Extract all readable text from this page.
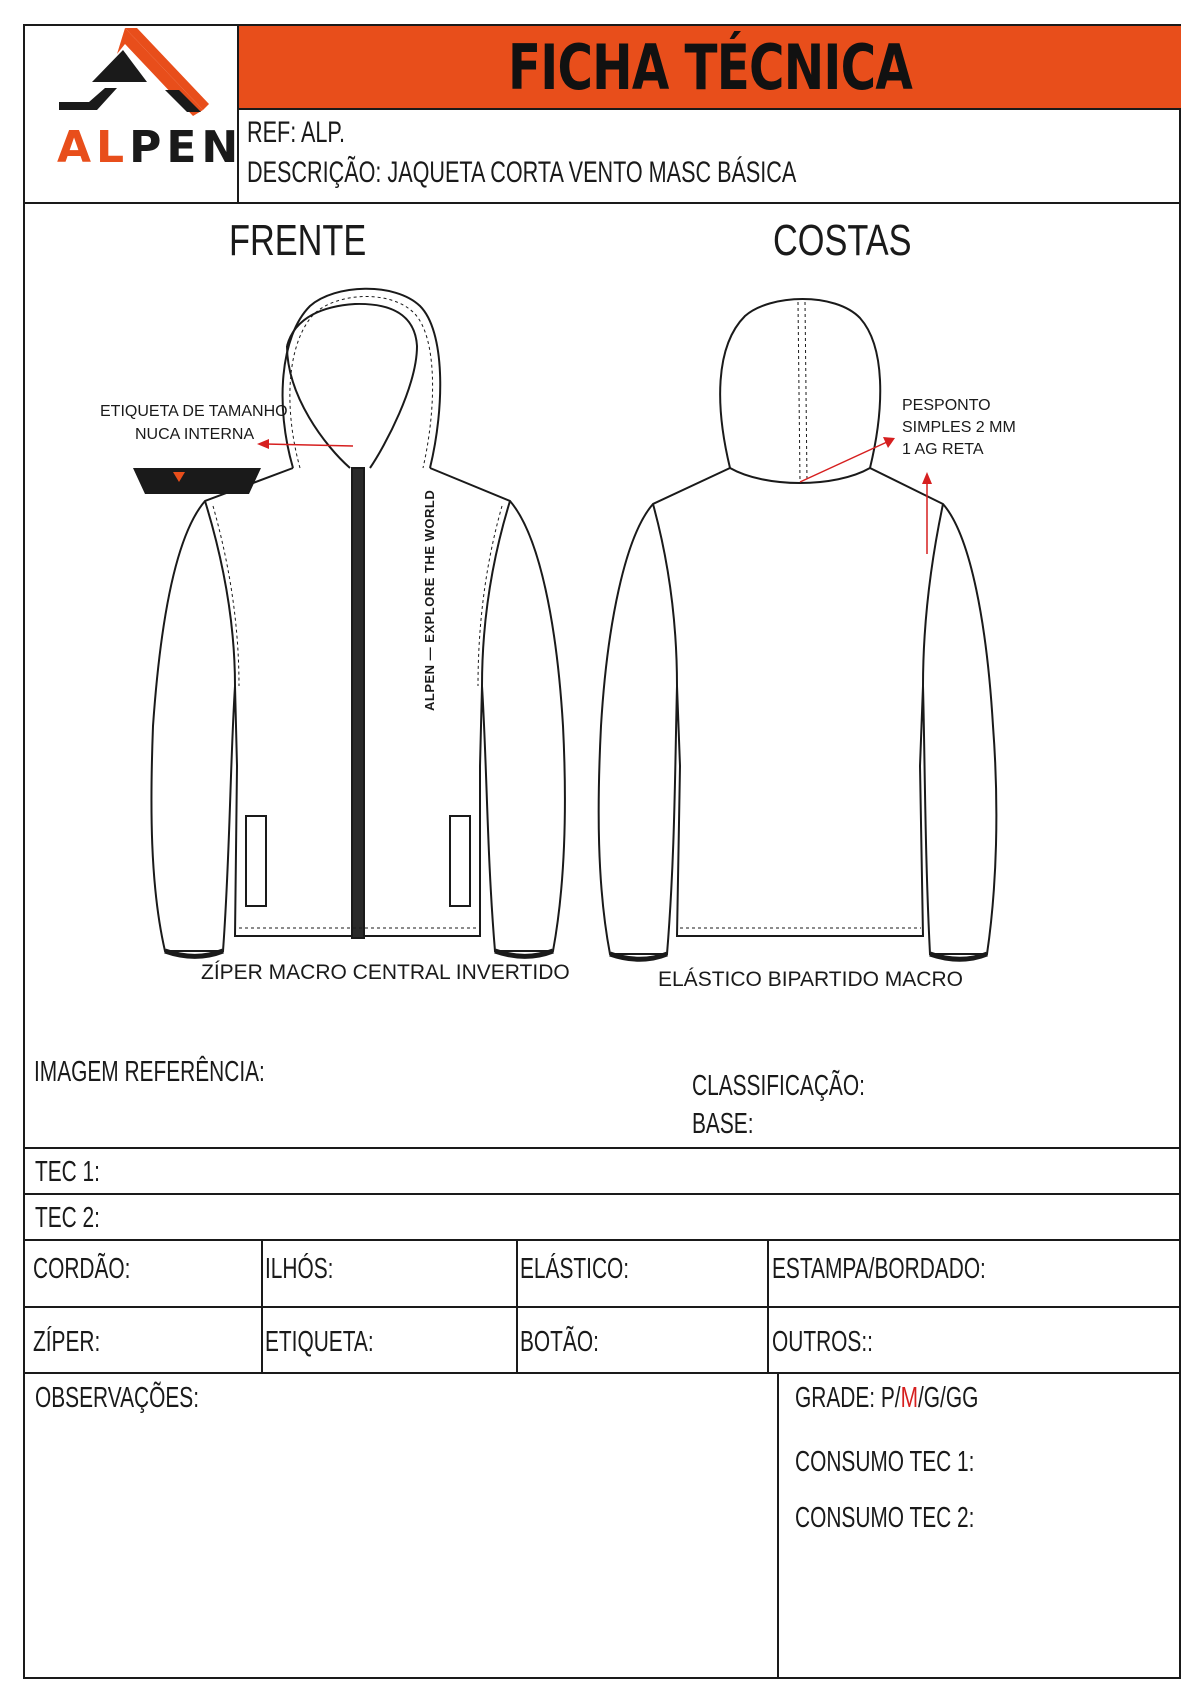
ALPEN
FICHA TÉCNICA
REF: ALP.
DESCRIÇÃO: JAQUETA CORTA VENTO MASC BÁSICA
FRENTE	COSTAS
ALPEN — EXPLORE THE WORLD
ETIQUETA DE TAMANHO
NUCA INTERNA
PEN
PESPONTO
SIMPLES 2 MM
1 AG RETA
ZÍPER MACRO CENTRAL INVERTIDO	ELÁSTICO BIPARTIDO MACRO
IMAGEM REFERÊNCIA:	CLASSIFICAÇÃO:
BASE:
TEC 1:
TEC 2:
CORDÃO:	ILHÓS:	ELÁSTICO:	ESTAMPA/BORDADO:
ZÍPER:	ETIQUETA:	BOTÃO:	OUTROS::
OBSERVAÇÕES:	GRADE: P/M/G/GG
CONSUMO TEC 1:
CONSUMO TEC 2:
